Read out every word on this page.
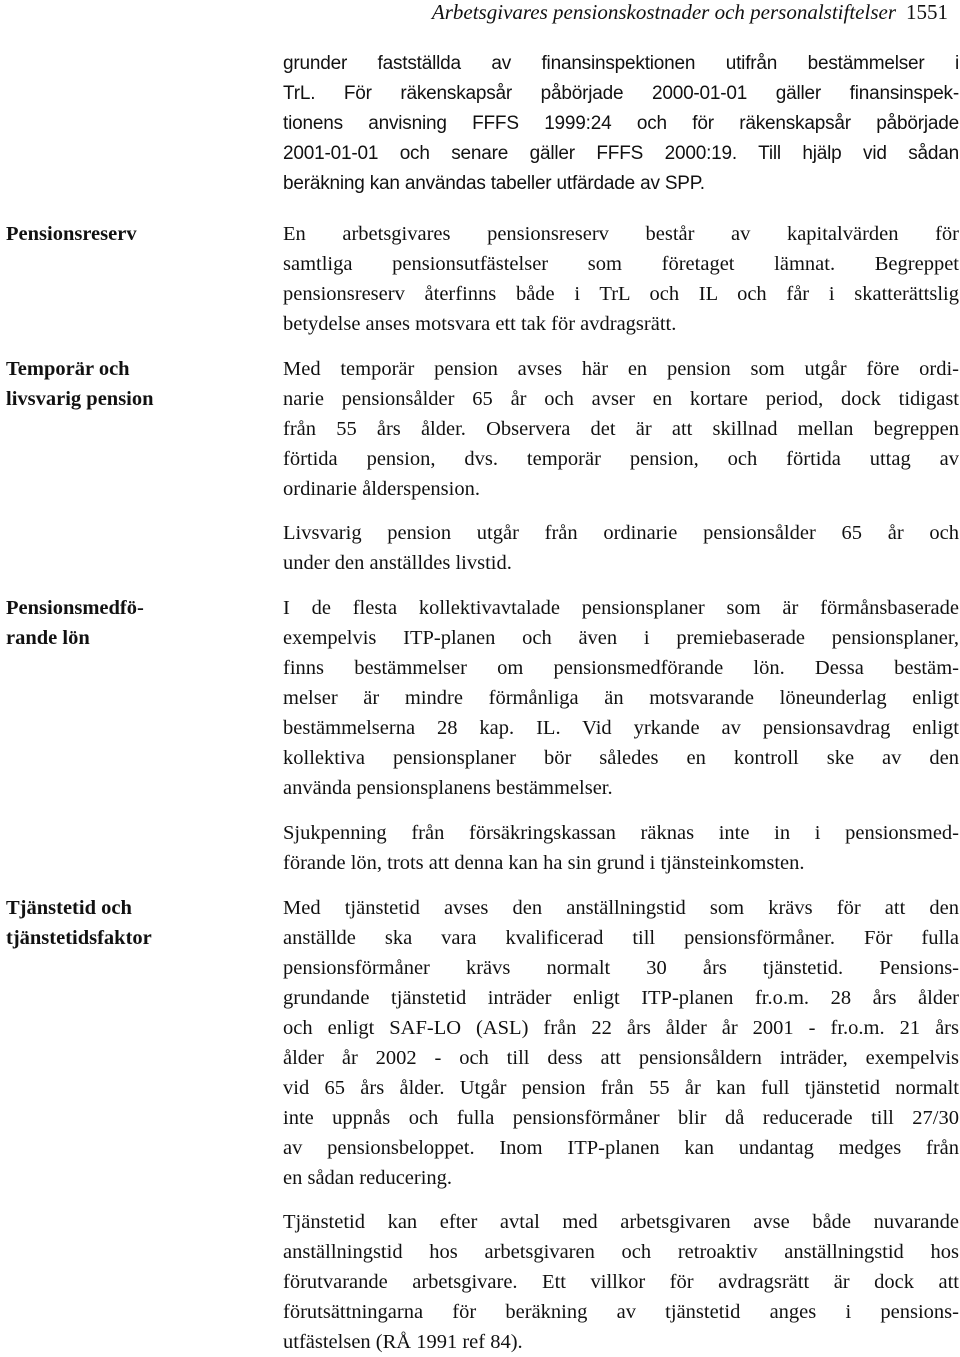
Arbetsgivares pensionskostnader och personalstiftelser 1551
Pensionsreserv
Temporär och
livsvarig pension
Pensionsmedfö-
rande lön
Tjänstetid och
tjänstetidsfaktor
grunder fastställda av finansinspektionen utifrån bestämmelser i
TrL. För räkenskapsår påbörjade 2000-01-01 gäller finansinspek-
tionens anvisning FFFS 1999:24 och för räkenskapsår påbörjade
2001-01-01 och senare gäller FFFS 2000:19. Till hjälp vid sådan
beräkning kan användas tabeller utfärdade av SPP.
En arbetsgivares pensionsreserv består av kapitalvärden för
samtliga pensionsutfästelser som företaget lämnat. Begreppet
pensionsreserv återfinns både i TrL och IL och får i skatterättslig
betydelse anses motsvara ett tak för avdragsrätt.
Med temporär pension avses här en pension som utgår före ordi-
narie pensionsålder 65 år och avser en kortare period, dock tidigast
från 55 års ålder. Observera det är att skillnad mellan begreppen
förtida pension, dvs. temporär pension, och förtida uttag av
ordinarie ålderspension.
Livsvarig pension utgår från ordinarie pensionsålder 65 år och
under den anställdes livstid.
I de flesta kollektivavtalade pensionsplaner som är förmånsbaserade
exempelvis ITP-planen och även i premiebaserade pensionsplaner,
finns bestämmelser om pensionsmedförande lön. Dessa bestäm-
melser är mindre förmånliga än motsvarande löneunderlag enligt
bestämmelserna 28 kap. IL. Vid yrkande av pensionsavdrag enligt
kollektiva pensionsplaner bör således en kontroll ske av den
använda pensionsplanens bestämmelser.
Sjukpenning från försäkringskassan räknas inte in i pensionsmed-
förande lön, trots att denna kan ha sin grund i tjänsteinkomsten.
Med tjänstetid avses den anställningstid som krävs för att den
anställde ska vara kvalificerad till pensionsförmåner. För fulla
pensionsförmåner krävs normalt 30 års tjänstetid. Pensions-
grundande tjänstetid inträder enligt ITP-planen fr.o.m. 28 års ålder
och enligt SAF-LO (ASL) från 22 års ålder år 2001 - fr.o.m. 21 års
ålder år 2002 - och till dess att pensionsåldern inträder, exempelvis
vid 65 års ålder. Utgår pension från 55 år kan full tjänstetid normalt
inte uppnås och fulla pensionsförmåner blir då reducerade till 27/30
av pensionsbeloppet. Inom ITP-planen kan undantag medges från
en sådan reducering.
Tjänstetid kan efter avtal med arbetsgivaren avse både nuvarande
anställningstid hos arbetsgivaren och retroaktiv anställningstid hos
förutvarande arbetsgivare. Ett villkor för avdragsrätt är dock att
förutsättningarna för beräkning av tjänstetid anges i pensions-
utfästelsen (RÅ 1991 ref 84).
